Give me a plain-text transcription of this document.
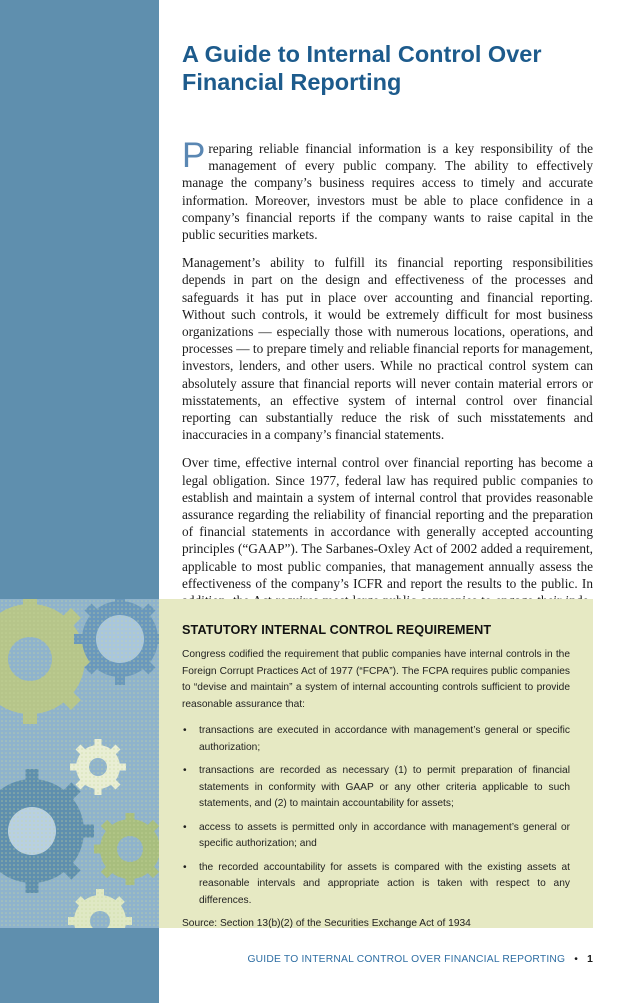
A Guide to Internal Control Over Financial Reporting

Preparing reliable financial information is a key responsibility of the management of every public company. The ability to effectively manage the company’s business requires access to timely and accurate information. Moreover, investors must be able to place confidence in a company’s financial reports if the company wants to raise capital in the public securities markets.

Management’s ability to fulfill its financial reporting responsibilities depends in part on the design and effectiveness of the processes and safeguards it has put in place over accounting and financial reporting. Without such controls, it would be extremely difficult for most business organizations — especially those with numerous locations, operations, and processes — to prepare timely and reliable financial reports for management, investors, lenders, and other users. While no practical control system can absolutely assure that financial reports will never contain material errors or misstatements, an effective system of internal control over financial reporting can substantially reduce the risk of such misstatements and inaccuracies in a company’s financial statements.

Over time, effective internal control over financial reporting has become a legal obligation. Since 1977, federal law has required public companies to establish and maintain a system of internal control that provides reasonable assurance regarding the reliability of financial reporting and the preparation of financial statements in accordance with generally accepted accounting principles (“GAAP”). The Sarbanes-Oxley Act of 2002 added a requirement, applicable to most public companies, that management annually assess the effectiveness of the company’s ICFR and report the results to the public. In

STATUTORY INTERNAL CONTROL REQUIREMENT

Congress codified the requirement that public companies have internal controls in the Foreign Corrupt Practices Act of 1977 (“FCPA”). The FCPA requires public companies to “devise and maintain” a system of internal accounting controls sufficient to provide reasonable assurance that:

• transactions are executed in accordance with management’s general or specific authorization;
• transactions are recorded as necessary (1) to permit preparation of financial statements in conformity with GAAP or any other criteria applicable to such statements, and (2) to maintain accountability for assets;
• access to assets is permitted only in accordance with management’s general or specific authorization; and
• the recorded accountability for assets is compared with the existing assets at reasonable intervals and appropriate action is taken with respect to any differences.

Source: Section 13(b)(2) of the Securities Exchange Act of 1934

GUIDE TO INTERNAL CONTROL OVER FINANCIAL REPORTING • 1
